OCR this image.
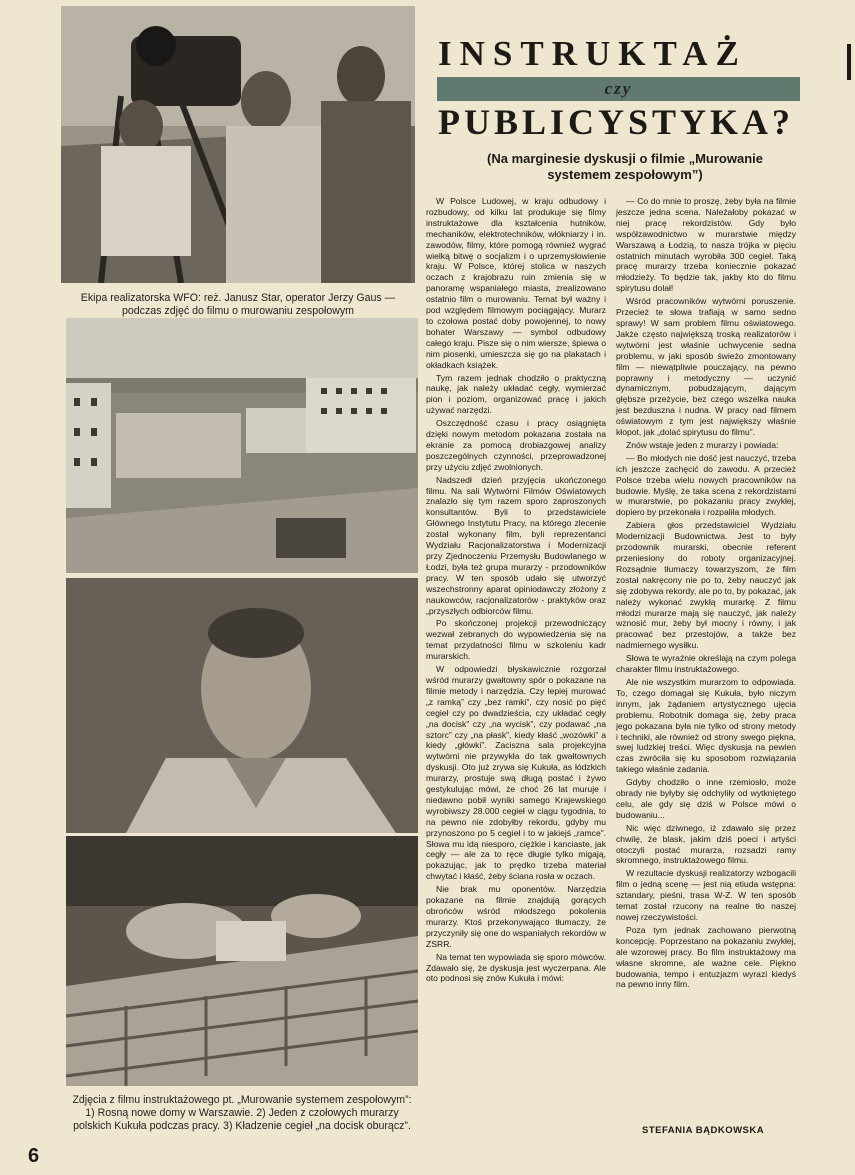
Ekipa realizatorska WFO: reż. Janusz Star, operator Jerzy Gaus — podczas zdjęć do filmu o murowaniu zespołowym
Zdjęcia z filmu instruktażowego pt. „Murowanie systemem zespołowym”: 1) Rosną nowe domy w Warszawie. 2) Jeden z czołowych murarzy polskich Kukuła podczas pracy. 3) Kładzenie cegieł „na docisk oburącz”.
INSTRUKTAŻ
czy
PUBLICYSTYKA?
(Na marginesie dyskusji o filmie „Murowanie systemem zespołowym”)

W Polsce Ludowej, w kraju odbudowy i rozbudowy, od kilku lat produkuje się filmy instruktażowe dla kształcenia hutników, mechaników, elektrotechników, włókniarzy i in. zawodów, filmy, które pomogą również wygrać wielką bitwę o socjalizm i o uprzemysłowienie kraju. W Polsce, której stolica w naszych oczach z krajobrazu ruin zmienia się w panoramę wspaniałego miasta, zrealizowano ostatnio film o murowaniu. Temat był ważny i pod względem filmowym pociągający. Murarz to czołowa postać doby powojennej, to nowy bohater Warszawy — symbol odbudowy całego kraju. Pisze się o nim wiersze, śpiewa o nim piosenki, umieszcza się go na plakatach i okładkach książek.

Tym razem jednak chodziło o praktyczną naukę, jak należy układać cegły, wymierzać pion i poziom, organizować pracę i jakich używać narzędzi.

Oszczędność czasu i pracy osiągnięta dzięki nowym metodom pokazana została na ekranie za pomocą drobiazgowej analizy poszczególnych czynności, przeprowadzonej przy użyciu zdjęć zwolnionych.

Nadszedł dzień przyjęcia ukończonego filmu. Na sali Wytwórni Filmów Oświatowych znalazło się tym razem sporo zaproszonych konsultantów. Byli to przedstawiciele Głównego Instytutu Pracy, na którego zlecenie został wykonany film, byli reprezentanci Wydziału Racjonalizatorstwa i Modernizacji przy Zjednoczeniu Przemysłu Budowlanego w Łodzi, była też grupa murarzy - przodowników pracy. W ten sposób udało się utworzyć wszechstronny aparat opiniodawczy złożony z naukowców, racjonalizatorów - praktyków oraz „przyszłych odbiorców filmu.

Po skończonej projekcji przewodniczący wezwał zebranych do wypowiedzenia się na temat przydatności filmu w szkoleniu kadr murarskich.

W odpowiedzi błyskawicznie rozgorzał wśród murarzy gwałtowny spór o pokazane na filmie metody i narzędzia. Czy lepiej murować „z ramką” czy „bez ramki”, czy nosić po pięć cegieł czy po dwadzieścia, czy układać cegły „na docisk” czy „na wycisk”, czy podawać „na sztorc” czy „na płask”, kiedy kłaść „wozówki” a kiedy „główki”. Zaciszna sala projekcyjna wytwórni nie przywykła do tak gwałtownych dyskusji. Oto już zrywa się Kukuła, as łódzkich murarzy, prostuje swą długą postać i żywo gestykulując mówi, że choć 26 lat muruje i niedawno pobił wyniki samego Krajewskiego wyrobiwszy 28.000 cegieł w ciągu tygodnia, to na pewno nie zdobyłby rekordu, gdyby mu przynoszono po 5 cegieł i to w jakiejś „ramce”. Słowa mu idą niesporo, ciężkie i kanciaste, jak cegły — ale za to ręce długie tylko migają, pokazując, jak to prędko trzeba materiał chwytać i kłaść, żeby ściana rosła w oczach.

Nie brak mu oponentów. Narzędzia pokazane na filmie znajdują gorących obrońców wśród młodszego pokolenia murarzy. Ktoś przekonywająco tłumaczy, że przyczyniły się one do wspaniałych rekordów w ZSRR.

Na temat ten wypowiada się sporo mówców. Zdawało się, że dyskusja jest wyczerpana. Ale oto podnosi się znów Kukuła i mówi:

— Co do mnie to proszę, żeby była na filmie jeszcze jedna scena. Należałoby pokazać w niej pracę rekordzistów. Gdy było współzawodnictwo w murarstwie między Warszawą a Łodzią, to nasza trójka w pięciu ostatnich minutach wyrobiła 300 cegieł. Taką pracę murarzy trzeba koniecznie pokazać młodzieży. To będzie tak, jakby kto do filmu spirytusu dolał!

Wśród pracowników wytwórni poruszenie. Przecież te słowa trafiają w samo sedno sprawy! W sam problem filmu oświatowego. Jakże często największą troską realizatorów i wytwórni jest właśnie uchwycenie sedna problemu, w jaki sposób świeżo zmontowany film — niewątpliwie pouczający, na pewno poprawny i metodyczny — uczynić dynamicznym, pobudzającym, dającym głębsze przeżycie, bez czego wszelka nauka jest bezduszna i nudna. W pracy nad filmem oświatowym z tym jest największy właśnie kłopot, jak „dolać spirytusu do filmu”.

Znów wstaje jeden z murarzy i powiada:

— Bo młodych nie dość jest nauczyć, trzeba ich jeszcze zachęcić do zawodu. A przecież Polsce trzeba wielu nowych pracowników na budowie. Myślę, że taka scena z rekordzistami w murarstwie, po pokazaniu pracy zwykłej, dopiero by przekonała i rozpaliła młodych.

Zabiera głos przedstawiciel Wydziału Modernizacji Budownictwa. Jest to były przodownik murarski, obecnie referent przeniesiony do roboty organizacyjnej. Rozsądnie tłumaczy towarzyszom, że film został nakręcony nie po to, żeby nauczyć jak się zdobywa rekordy, ale po to, by pokazać, jak należy wykonać zwykłą murarkę. Z filmu młodzi murarze mają się nauczyć, jak należy wznosić mur, żeby był mocny i równy, i jak pracować bez przestojów, a także bez nadmiernego wysiłku.

Słowa te wyraźnie określają na czym polega charakter filmu instruktażowego.

Ale nie wszystkim murarzom to odpowiada. To, czego domagał się Kukuła, było niczym innym, jak żądaniem artystycznego ujęcia problemu. Robotnik domaga się, żeby praca jego pokazana była nie tylko od strony metody i techniki, ale również od strony swego piękna, swej ludzkiej treści. Więc dyskusja na pewien czas zwróciła się ku sposobom rozwiązania takiego właśnie zadania.

Gdyby chodziło o inne rzemiosło, może obrady nie byłyby się odchyliły od wytkniętego celu, ale gdy się dziś w Polsce mówi o budowaniu...

Nic więc dziwnego, iż zdawało się przez chwilę, że blask, jakim dziś poeci i artyści otoczyli postać murarza, rozsadzi ramy skromnego, instruktażowego filmu.

W rezultacie dyskusji realizatorzy wzbogacili film o jedną scenę — jest nią etiuda wstępna: sztandary, pieśni, trasa W-Z. W ten sposób temat został rzucony na realne tło naszej nowej rzeczywistości.

Poza tym jednak zachowano pierwotną koncepcję. Poprzestano na pokazaniu zwykłej, ale wzorowej pracy. Bo film instruktażowy ma własne skromne, ale ważne cele. Piękno budowania, tempo i entuzjazm wyrazi kiedyś na pewno inny film.

STEFANIA BĄDKOWSKA
6
